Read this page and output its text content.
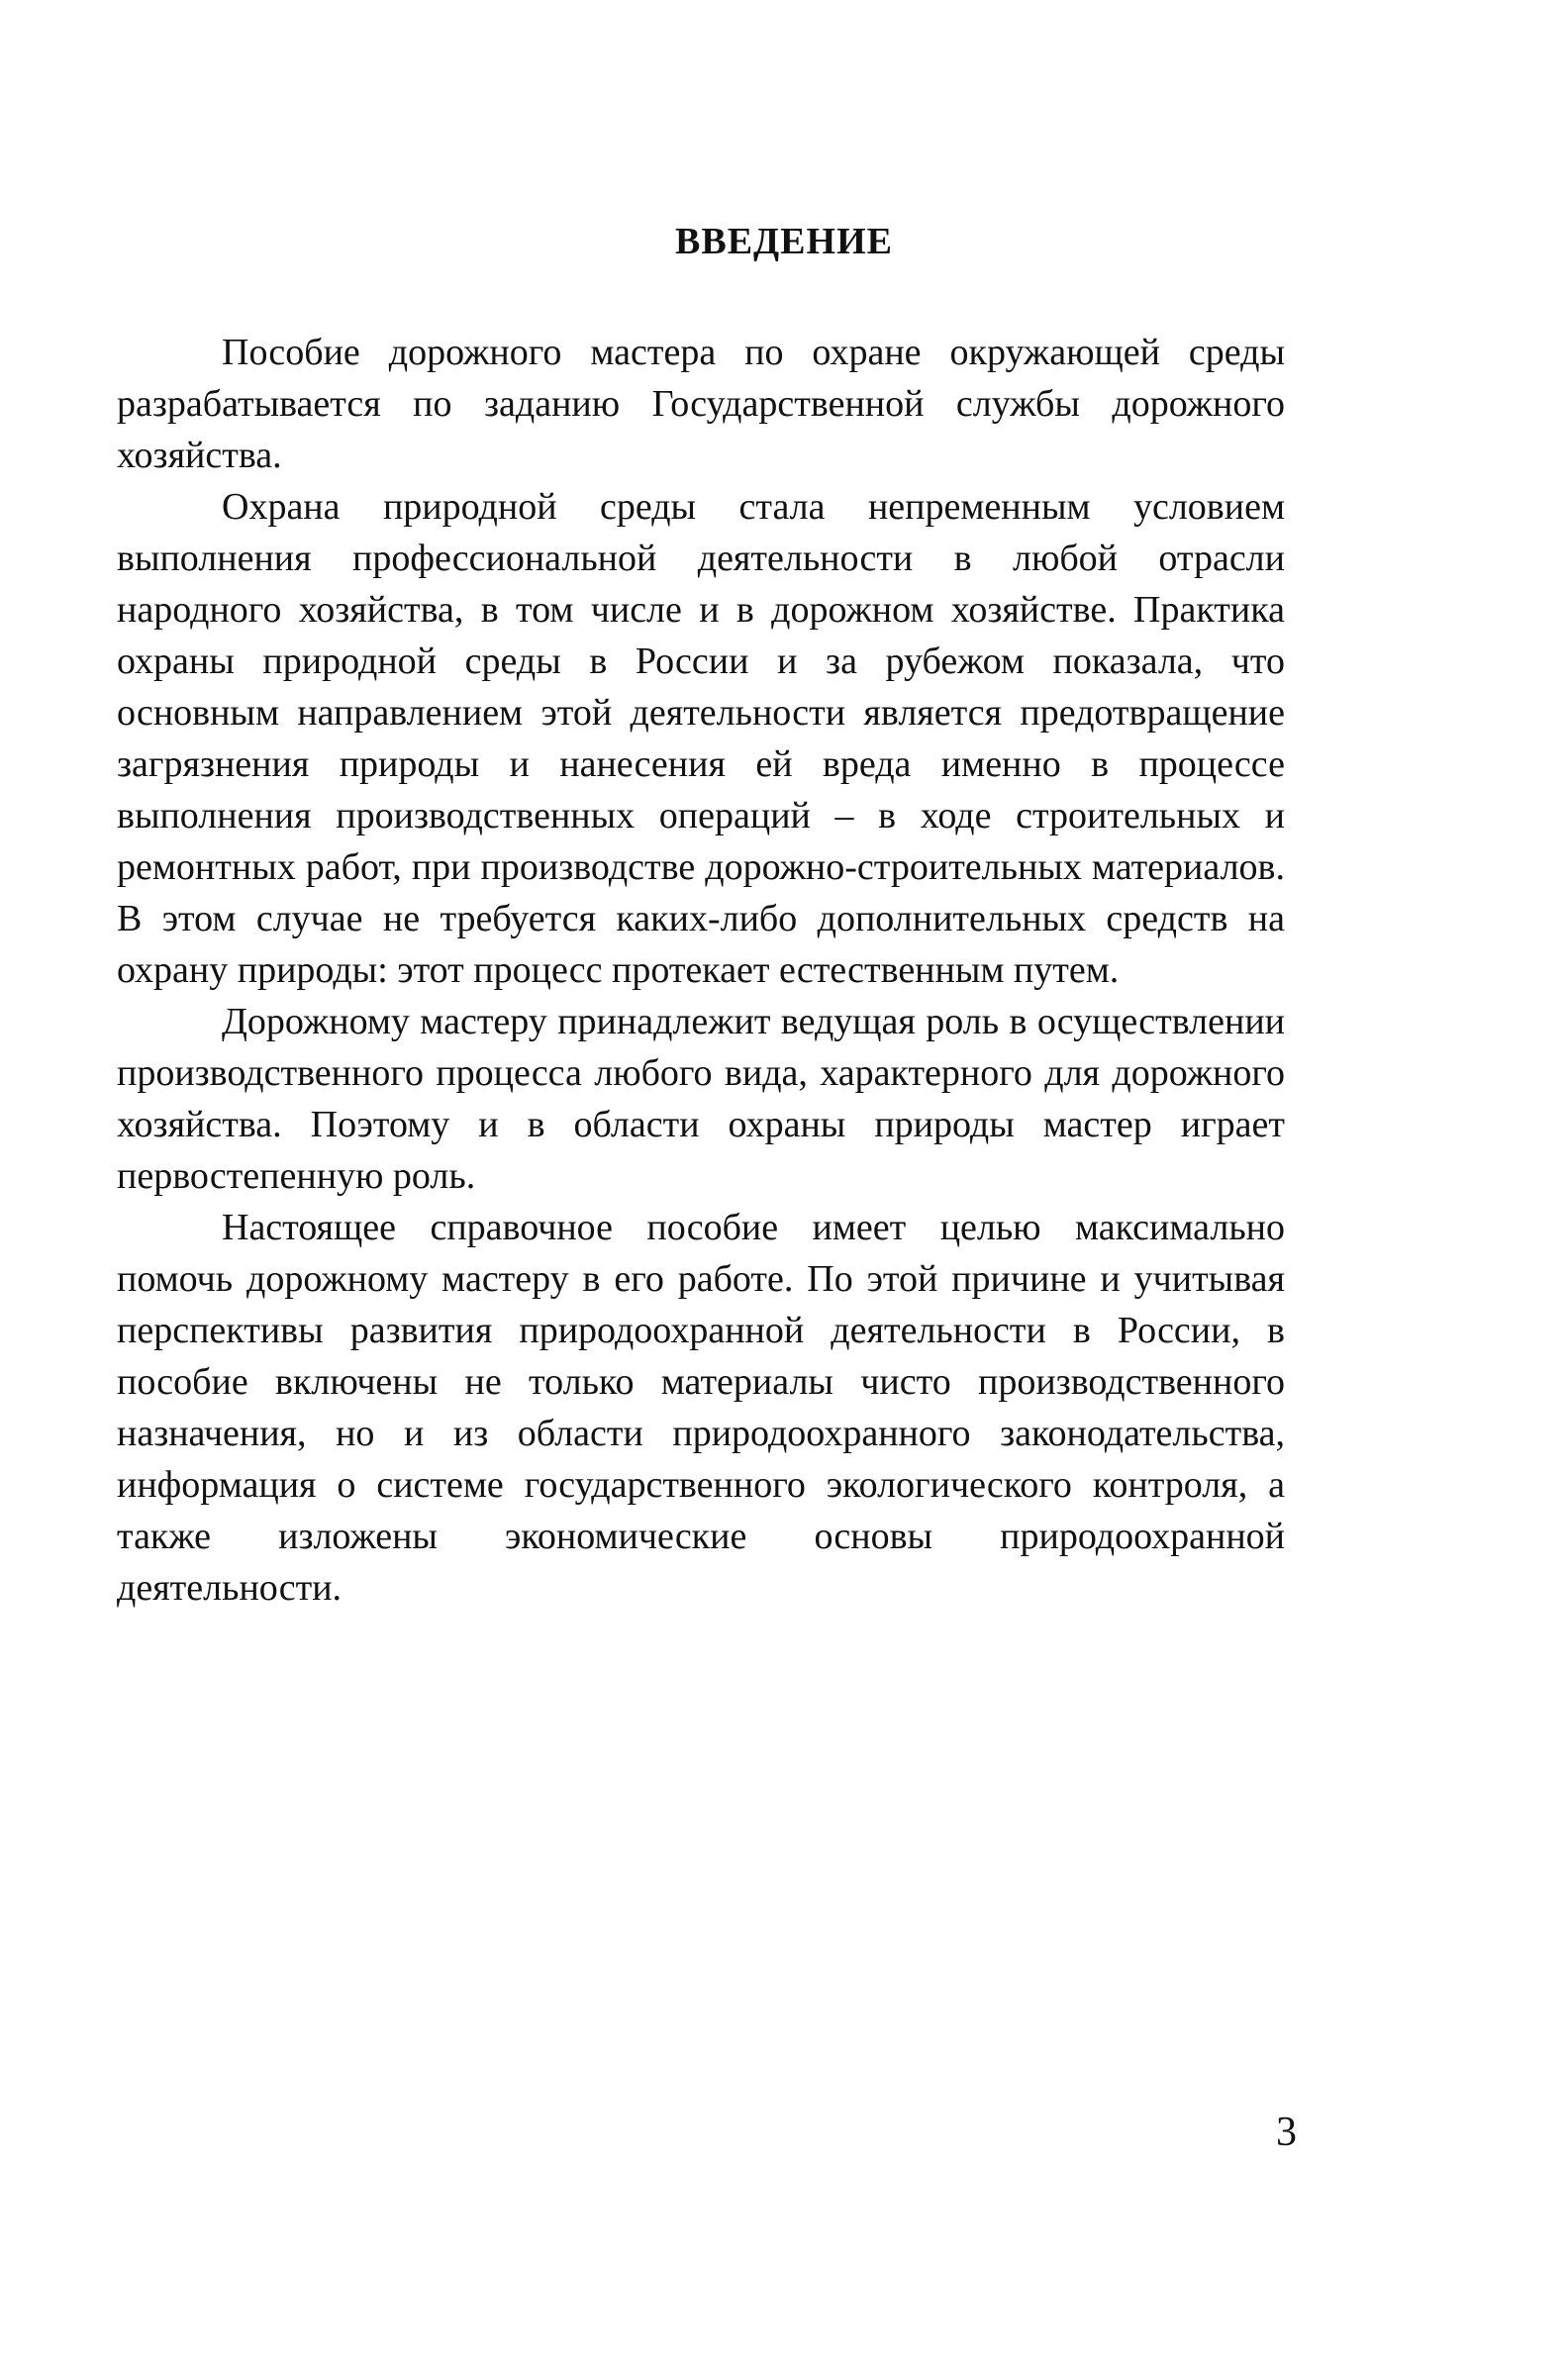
ВВЕДЕНИЕ

Пособие дорожного мастера по охране окружающей среды разрабатывается по заданию Государственной службы дорожного хозяйства.

Охрана природной среды стала непременным условием выполнения профессиональной деятельности в любой отрасли народного хозяйства, в том числе и в дорожном хозяйстве. Практика охраны природной среды в России и за рубежом показала, что основным направлением этой деятельности является предотвращение загрязнения природы и нанесения ей вреда именно в процессе выполнения производственных операций – в ходе строительных и ремонтных работ, при производстве дорожно-строительных материалов. В этом случае не требуется каких-либо дополнительных средств на охрану природы: этот процесс протекает естественным путем.

Дорожному мастеру принадлежит ведущая роль в осуществлении производственного процесса любого вида, характерного для дорожного хозяйства. Поэтому и в области охраны природы мастер играет первостепенную роль.

Настоящее справочное пособие имеет целью максимально помочь дорожному мастеру в его работе. По этой причине и учитывая перспективы развития природоохранной деятельности в России, в пособие включены не только материалы чисто производственного назначения, но и из области природоохранного законодательства, информация о системе государственного экологического контроля, а также изложены экономические основы природоохранной деятельности.

3
